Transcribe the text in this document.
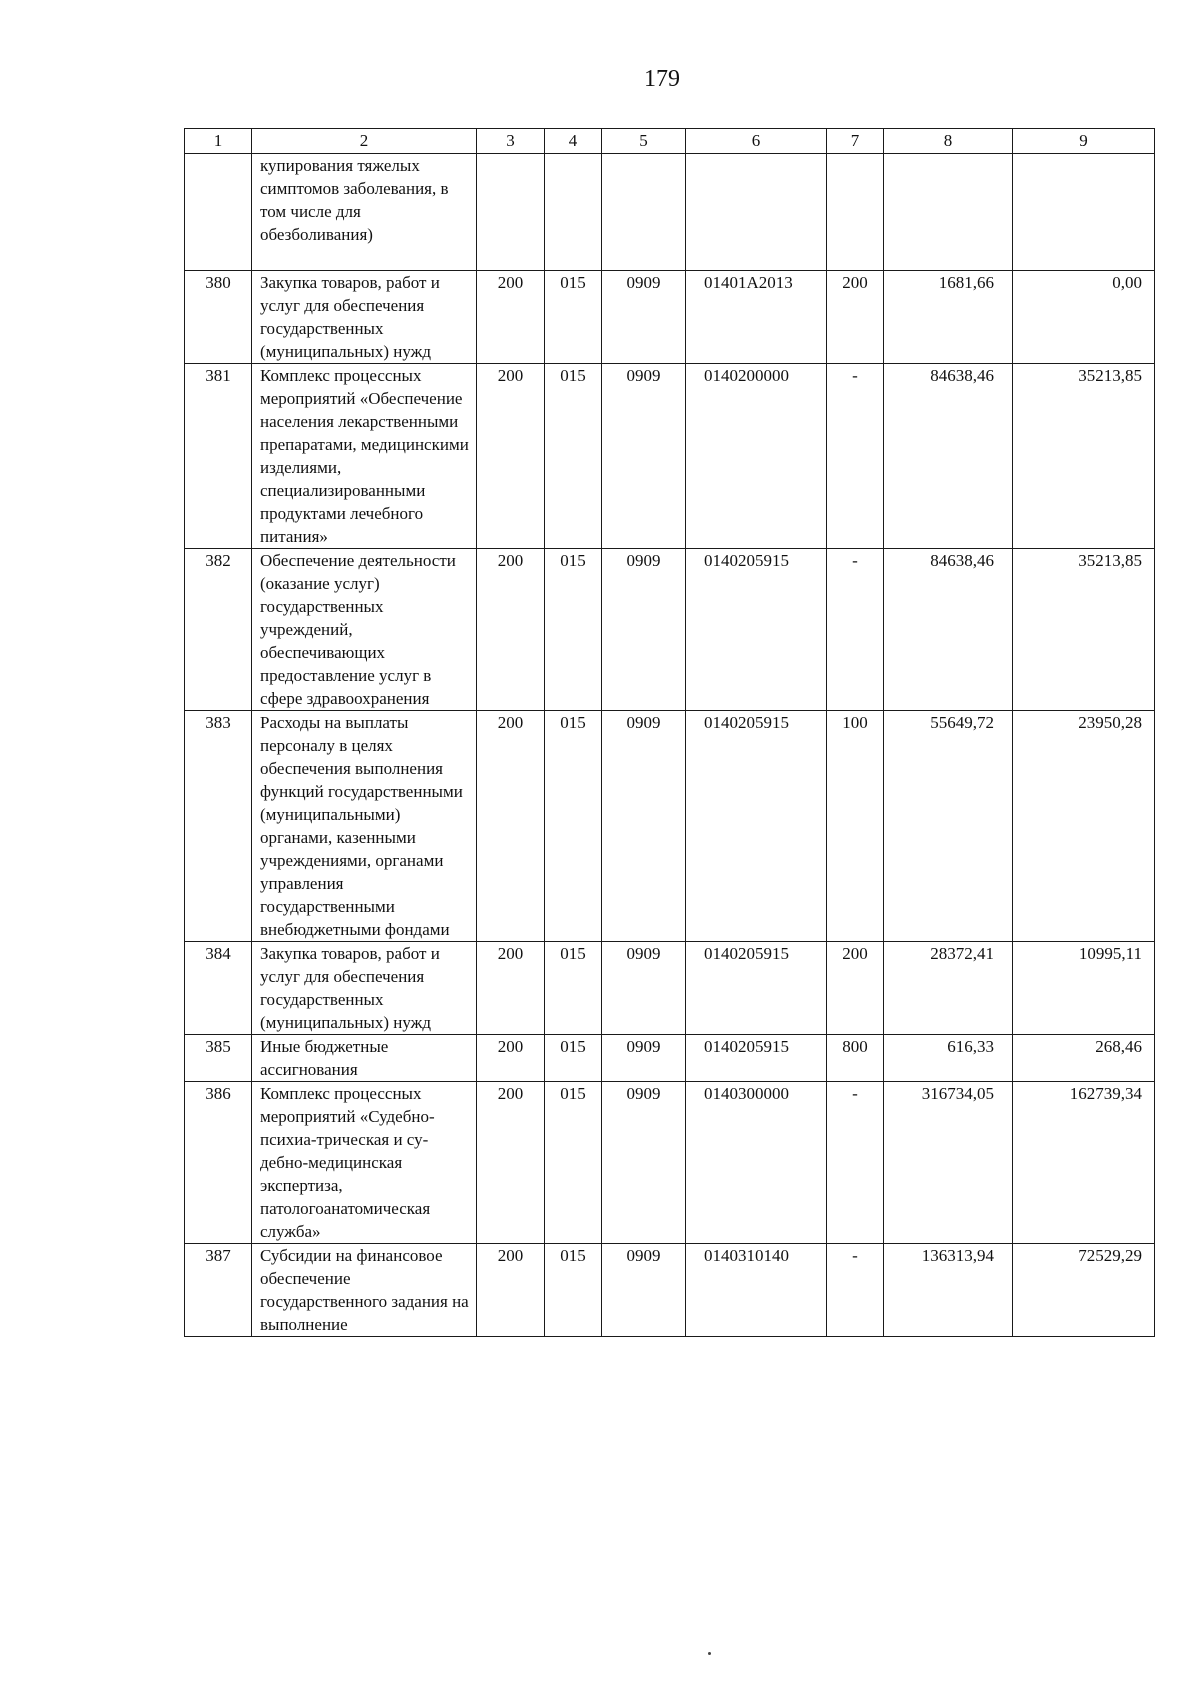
179
1	2	3	4	5	6	7	8	9
	купирования тяжелых симптомов заболевания, в том числе для обезболивания)							
380	Закупка товаров, работ и услуг для обеспечения государственных (муниципальных) нужд	200	015	0909	01401A2013	200	1681,66	0,00
381	Комплекс процессных мероприятий «Обеспечение населения лекарственными препаратами, медицинскими изделиями, специализированными продуктами лечебного питания»	200	015	0909	0140200000	-	84638,46	35213,85
382	Обеспечение деятельности (оказание услуг) государственных учреждений, обеспечивающих предоставление услуг в сфере здравоохранения	200	015	0909	0140205915	-	84638,46	35213,85
383	Расходы на выплаты персоналу в целях обеспечения выполнения функций государственными (муниципальными) органами, казенными учреждениями, органами управления государственными внебюджетными фондами	200	015	0909	0140205915	100	55649,72	23950,28
384	Закупка товаров, работ и услуг для обеспечения государственных (муниципальных) нужд	200	015	0909	0140205915	200	28372,41	10995,11
385	Иные бюджетные ассигнования	200	015	0909	0140205915	800	616,33	268,46
386	Комплекс процессных мероприятий «Судебно-психиа-трическая и су-дебно-медицинская экспертиза, патологоанатомическая служба»	200	015	0909	0140300000	-	316734,05	162739,34
387	Субсидии на финансовое обеспечение государственного задания на выполнение	200	015	0909	0140310140	-	136313,94	72529,29
